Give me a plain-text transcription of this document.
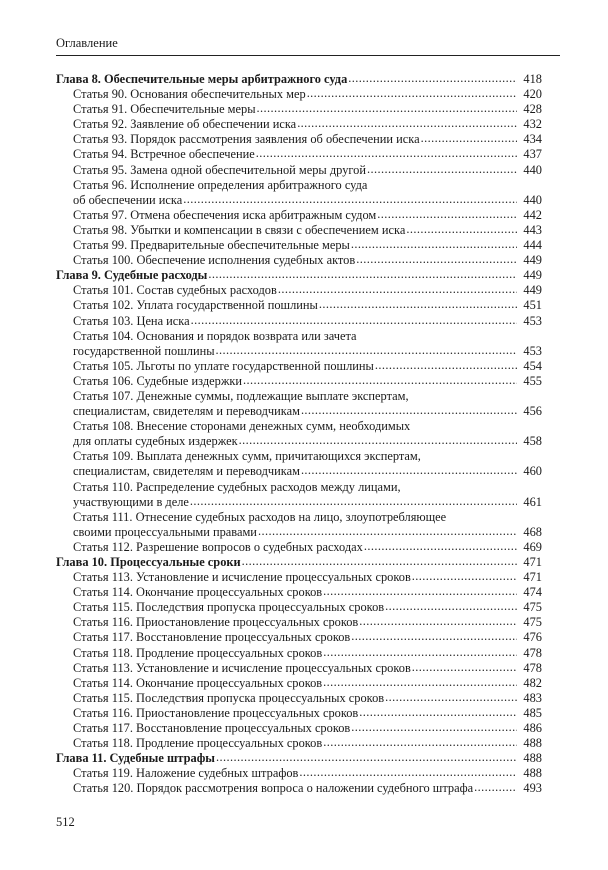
Оглавление
Глава 8. Обеспечительные меры арбитражного суда .....	418
Статья 90. Основания обеспечительных мер .....	420
Статья 91. Обеспечительные меры .....	428
Статья 92. Заявление об обеспечении иска .....	432
Статья 93. Порядок рассмотрения заявления об обеспечении иска .....	434
Статья 94. Встречное обеспечение .....	437
Статья 95. Замена одной обеспечительной меры другой .....	440
Статья 96. Исполнение определения арбитражного суда
об обеспечении иска .....	440
Статья 97. Отмена обеспечения иска арбитражным судом .....	442
Статья 98. Убытки и компенсации в связи с обеспечением иска .....	443
Статья 99. Предварительные обеспечительные меры .....	444
Статья 100. Обеспечение исполнения судебных актов .....	449
Глава 9. Судебные расходы .....	449
Статья 101. Состав судебных расходов .....	449
Статья 102. Уплата государственной пошлины .....	451
Статья 103. Цена иска .....	453
Статья 104. Основания и порядок возврата или зачета
государственной пошлины .....	453
Статья 105. Льготы по уплате государственной пошлины .....	454
Статья 106. Судебные издержки .....	455
Статья 107. Денежные суммы, подлежащие выплате экспертам,
специалистам, свидетелям и переводчикам .....	456
Статья 108. Внесение сторонами денежных сумм, необходимых
для оплаты судебных издержек .....	458
Статья 109. Выплата денежных сумм, причитающихся экспертам,
специалистам, свидетелям и переводчикам .....	460
Статья 110. Распределение судебных расходов между лицами,
участвующими в деле .....	461
Статья 111. Отнесение судебных расходов на лицо, злоупотребляющее
своими процессуальными правами .....	468
Статья 112. Разрешение вопросов о судебных расходах .....	469
Глава 10. Процессуальные сроки .....	471
Статья 113. Установление и исчисление процессуальных сроков .....	471
Статья 114. Окончание процессуальных сроков .....	474
Статья 115. Последствия пропуска процессуальных сроков .....	475
Статья 116. Приостановление процессуальных сроков .....	475
Статья 117. Восстановление процессуальных сроков .....	476
Статья 118. Продление процессуальных сроков .....	478
Статья 113. Установление и исчисление процессуальных сроков .....	478
Статья 114. Окончание процессуальных сроков .....	482
Статья 115. Последствия пропуска процессуальных сроков .....	483
Статья 116. Приостановление процессуальных сроков .....	485
Статья 117. Восстановление процессуальных сроков .....	486
Статья 118. Продление процессуальных сроков .....	488
Глава 11. Судебные штрафы .....	488
Статья 119. Наложение судебных штрафов .....	488
Статья 120. Порядок рассмотрения вопроса о наложении судебного штрафа .....	493
512
